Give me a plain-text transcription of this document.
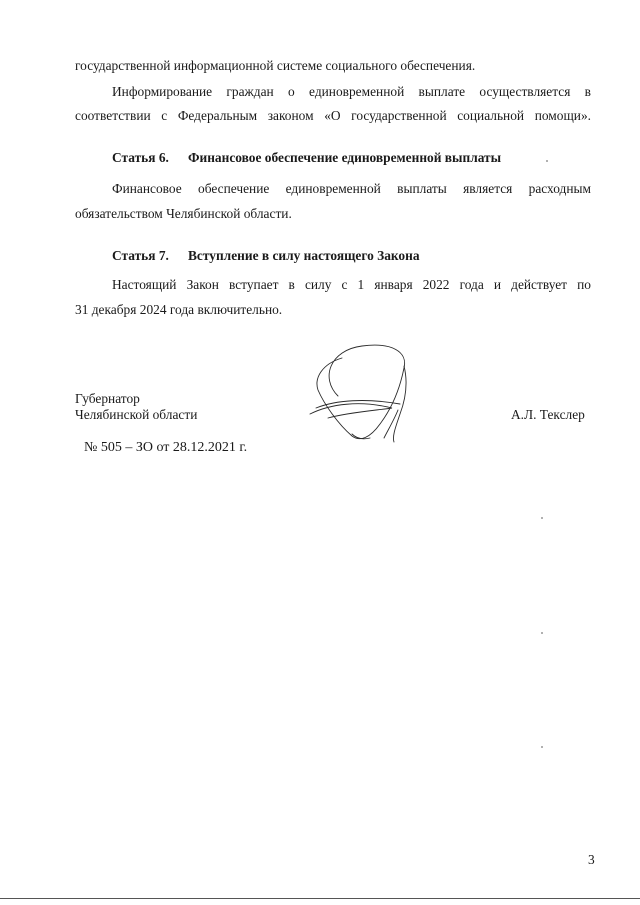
государственной информационной системе социального обеспечения.
Информирование граждан о единовременной выплате осуществляется в
соответствии с Федеральным законом «О государственной социальной помощи».
Статья 6. Финансовое обеспечение единовременной выплаты
Финансовое обеспечение единовременной выплаты является расходным
обязательством Челябинской области.
Статья 7. Вступление в силу настоящего Закона
Настоящий Закон вступает в силу с 1 января 2022 года и действует по
31 декабря 2024 года включительно.
Губернатор
Челябинской области	А.Л. Текслер
№ 505 – ЗО от 28.12.2021 г.
3
